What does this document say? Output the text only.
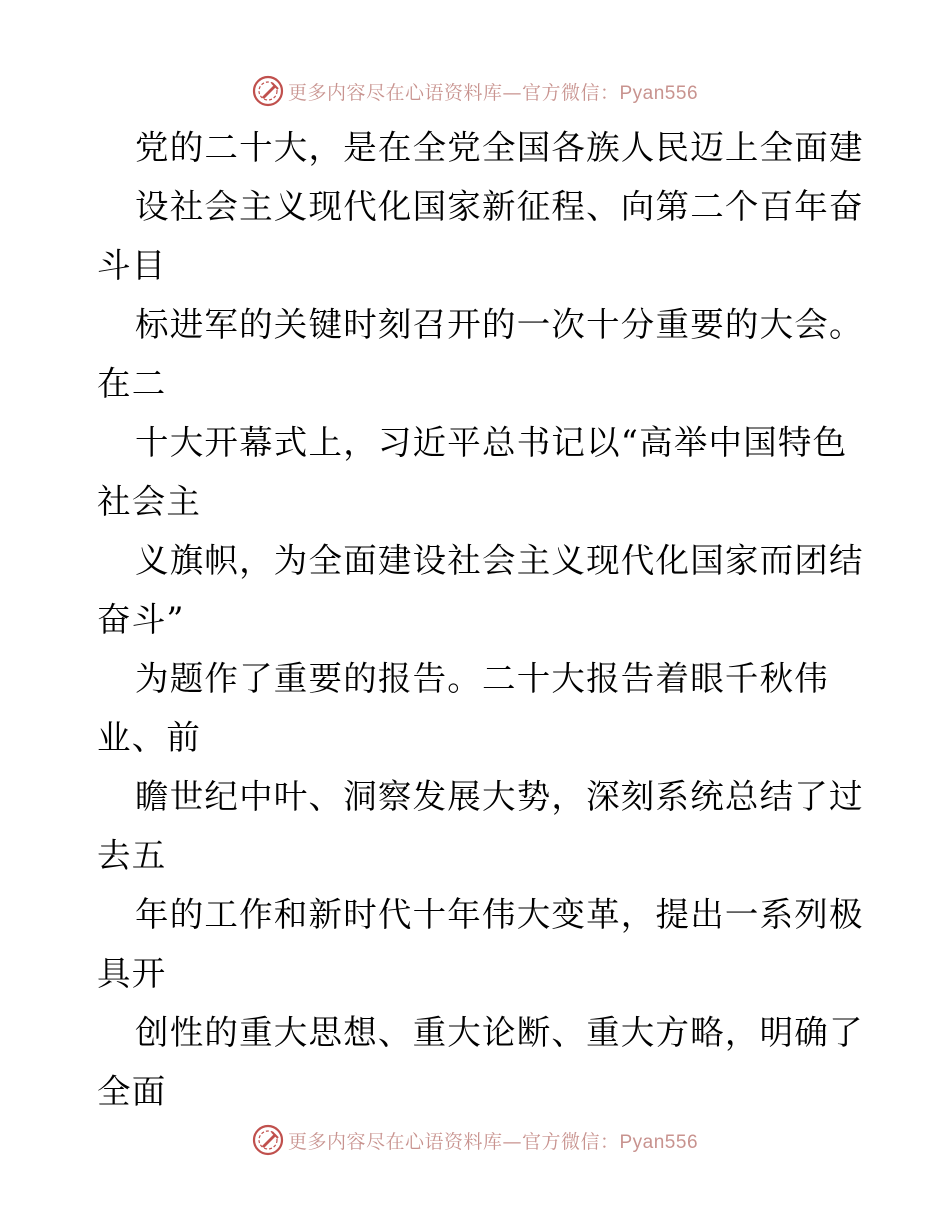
更多内容尽在心语资料库—官方微信：Pyan556
党的二十大，是在全党全国各族人民迈上全面建
设社会主义现代化国家新征程、向第二个百年奋
斗目
标进军的关键时刻召开的一次十分重要的大会。
在二
十大开幕式上，习近平总书记以“高举中国特色
社会主
义旗帜，为全面建设社会主义现代化国家而团结
奋斗”
为题作了重要的报告。二十大报告着眼千秋伟
业、前
瞻世纪中叶、洞察发展大势，深刻系统总结了过
去五
年的工作和新时代十年伟大变革，提出一系列极
具开
创性的重大思想、重大论断、重大方略，明确了
全面
更多内容尽在心语资料库—官方微信：Pyan556
